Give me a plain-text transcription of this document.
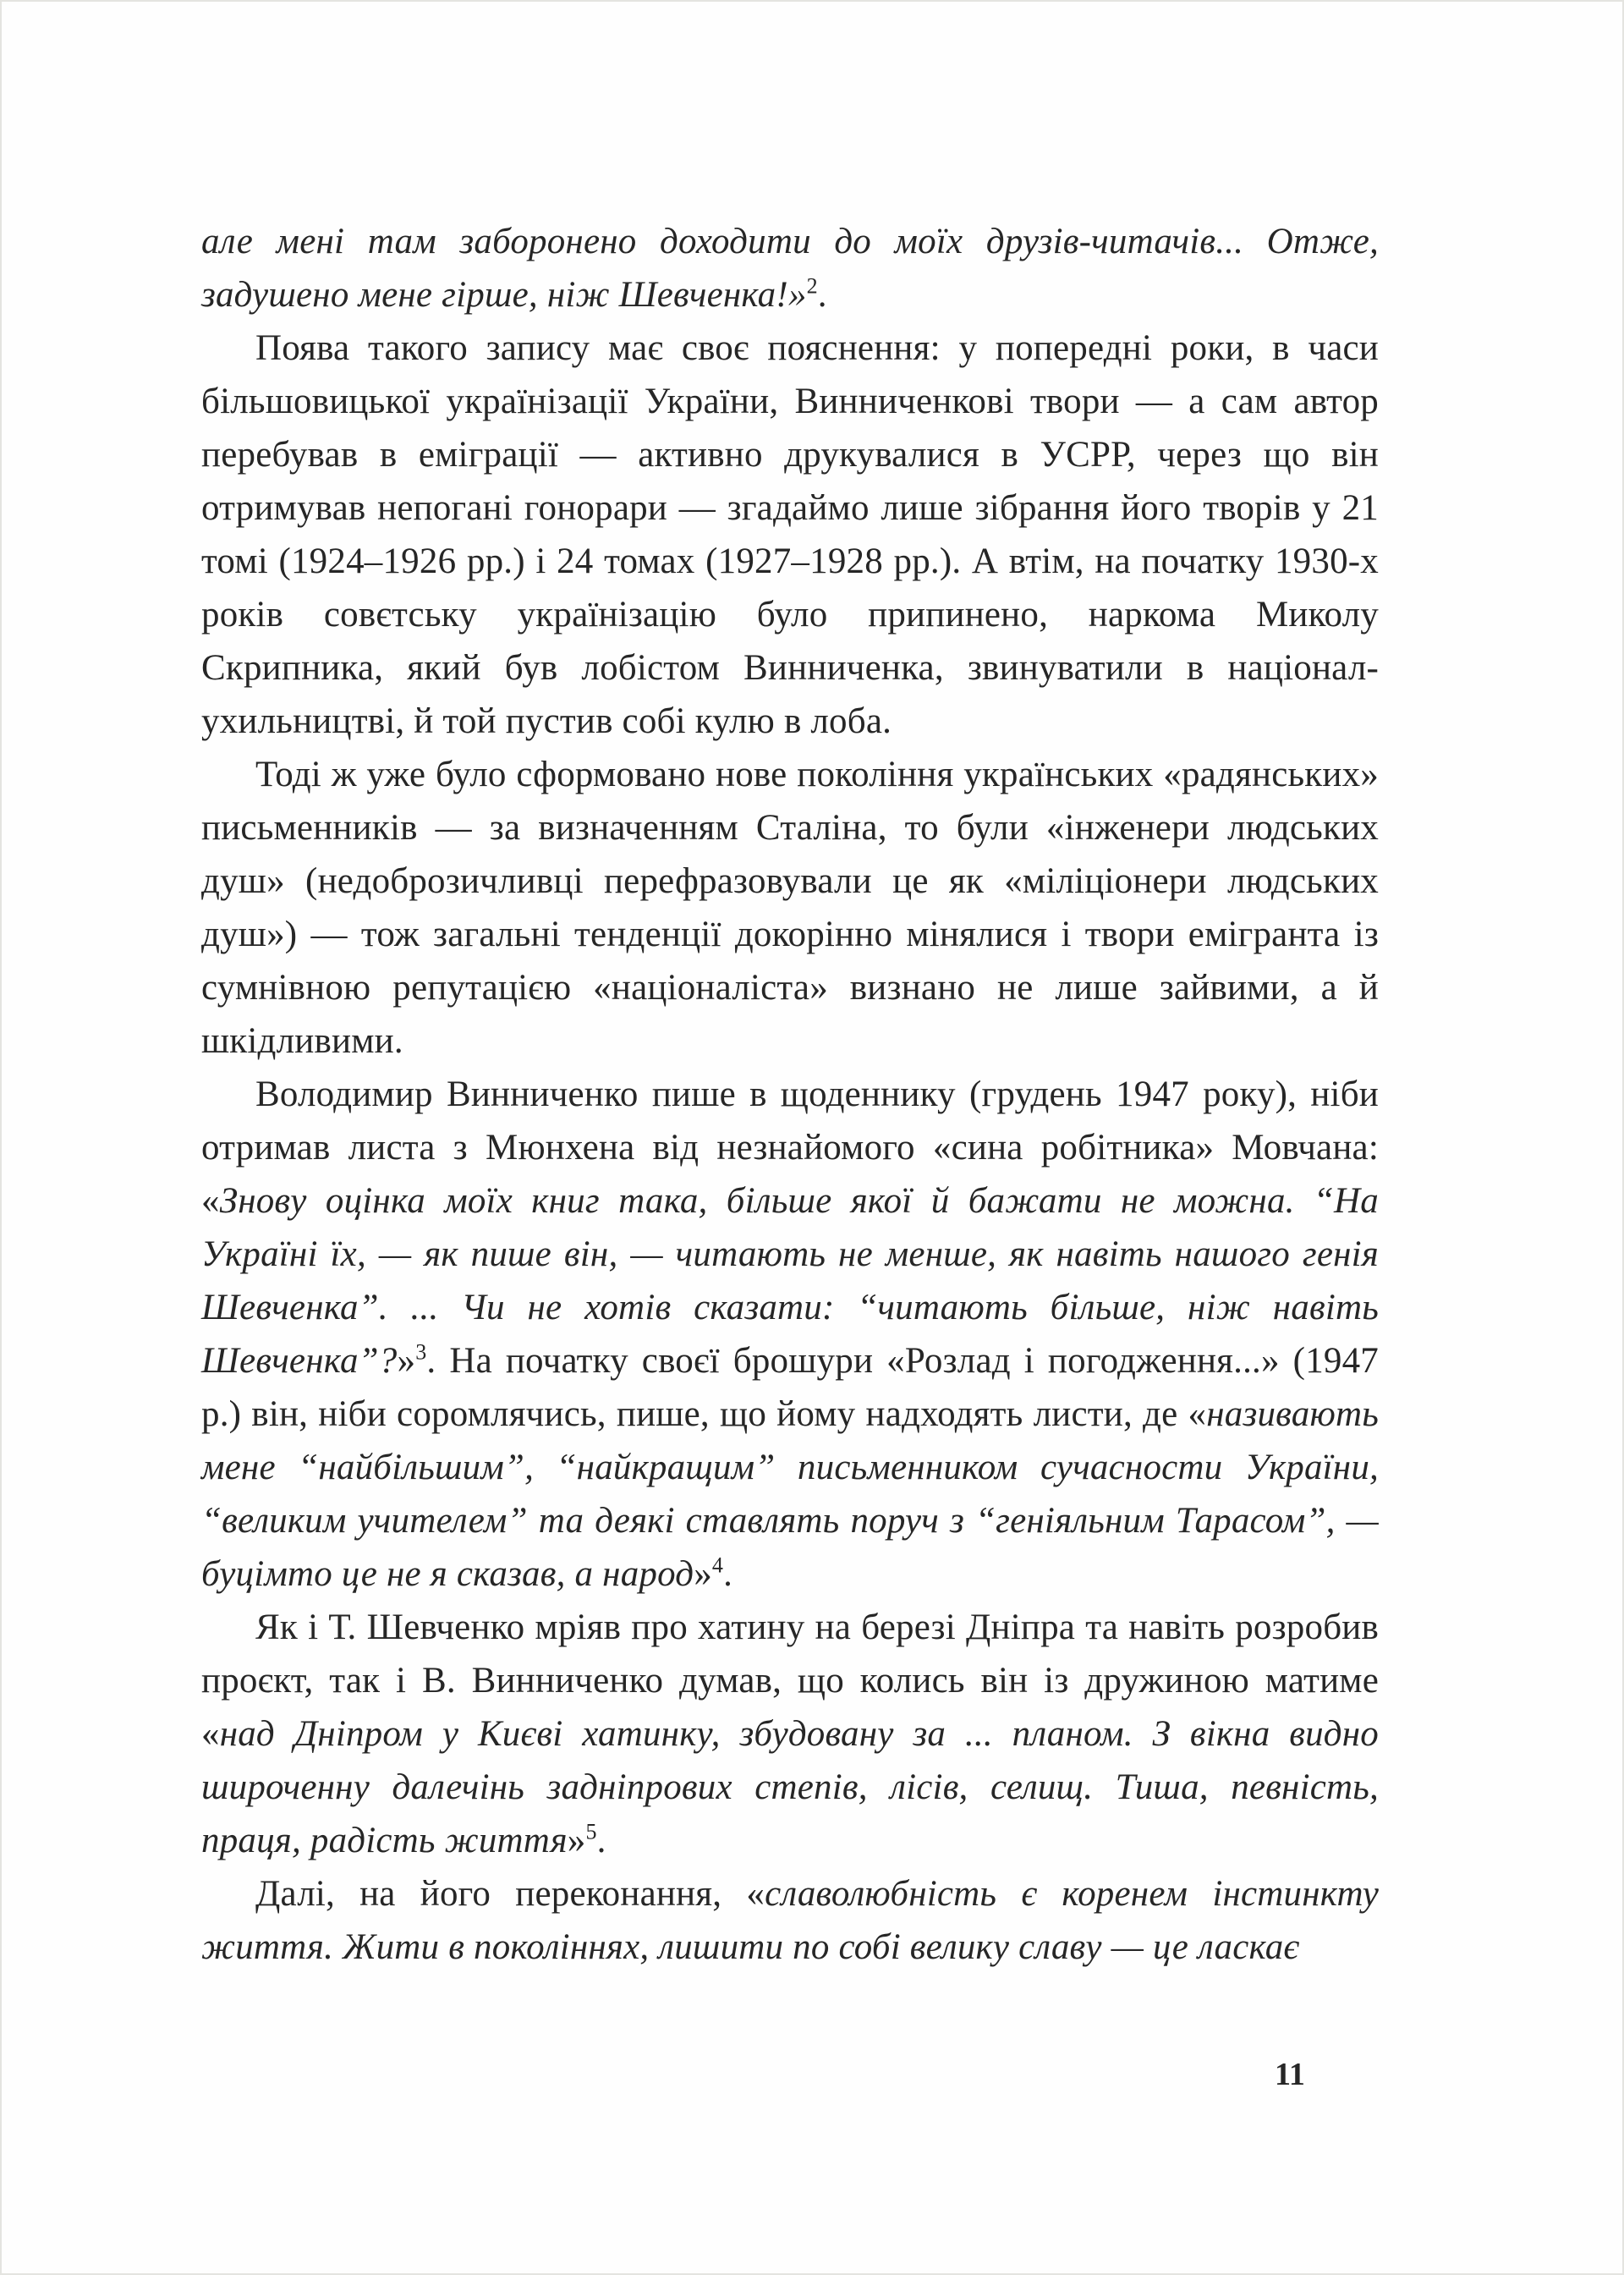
але мені там заборонено доходити до моїх друзів-читачів... Отже, задушено мене гірше, ніж Шевченка!»$^2$.

Поява такого запису має своє пояснення: у попередні роки, в часи більшовицької українізації України, Винниченкові твори — а сам автор перебував в еміграції — активно друкувалися в УСРР, через що він отримував непогані гонорари — згадаймо лише зібрання його творів у 21 томі (1924–1926 рр.) і 24 томах (1927–1928 рр.). А втім, на початку 1930-х років совєтську українізацію було припинено, наркома Миколу Скрипника, який був лобістом Винниченка, звинуватили в націонал-ухильництві, й той пустив собі кулю в лоба.

Тоді ж уже було сформовано нове покоління українських «радянських» письменників — за визначенням Сталіна, то були «інженери людських душ» (недоброзичливці перефразовували це як «міліціонери людських душ») — тож загальні тенденції докорінно мінялися і твори емігранта із сумнівною репутацією «націоналіста» визнано не лише зайвими, а й шкідливими.

Володимир Винниченко пише в щоденнику (грудень 1947 року), ніби отримав листа з Мюнхена від незнайомого «сина робітника» Мовчана: «Знову оцінка моїх книг така, більше якої й бажати не можна. “На Україні їх, — як пише він, — читають не менше, як навіть нашого генія Шевченка”. ... Чи не хотів сказати: “читають більше, ніж навіть Шевченка”?»$^3$. На початку своєї брошури «Розлад і погодження...» (1947 р.) він, ніби соромлячись, пише, що йому надходять листи, де «називають мене “найбільшим”, “найкращим” письменником сучасности України, “великим учителем” та деякі ставлять поруч з “геніяльним Тарасом”, — буцімто це не я сказав, а народ»$^4$.

Як і Т. Шевченко мріяв про хатину на березі Дніпра та навіть розробив проєкт, так і В. Винниченко думав, що колись він із дружиною матиме «над Дніпром у Києві хатинку, збудовану за ... планом. З вікна видно широченну далечінь задніпрових степів, лісів, селищ. Тиша, певність, праця, радість життя»$^5$.

Далі, на його переконання, «славолюбність є коренем інстинкту життя. Жити в поколіннях, лишити по собі велику славу — це ласкає

11
